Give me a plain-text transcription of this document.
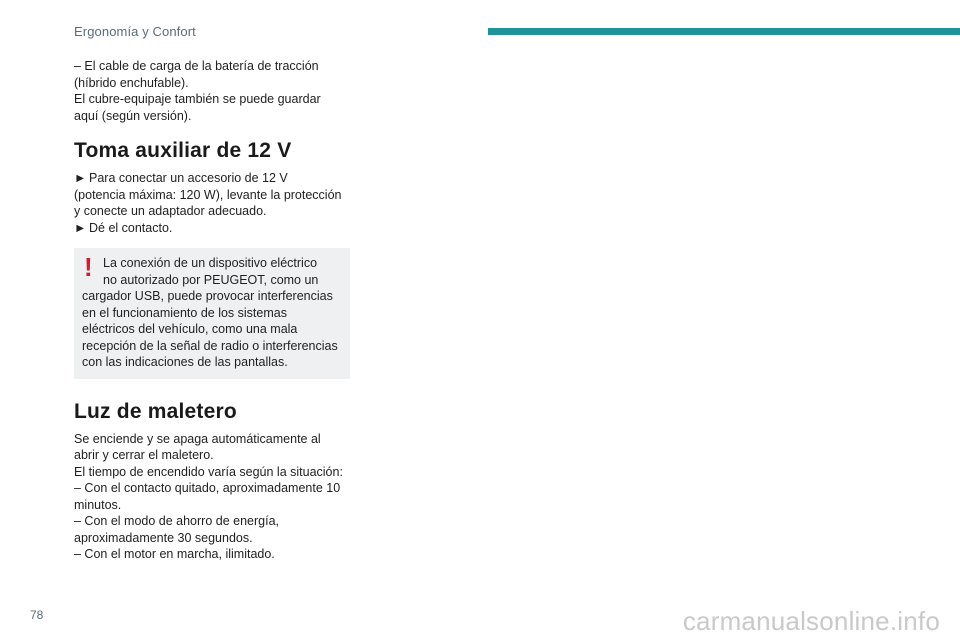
Ergonomía y Confort

– El cable de carga de la batería de tracción

(híbrido enchufable).

El cubre-equipaje también se puede guardar

aquí (según versión).

Toma auxiliar de 12 V

► Para conectar un accesorio de 12 V

(potencia máxima: 120 W), levante la protección

y conecte un adaptador adecuado.

► Dé el contacto.

! La conexión de un dispositivo eléctrico
no autorizado por PEUGEOT, como un
cargador USB, puede provocar interferencias
en el funcionamiento de los sistemas
eléctricos del vehículo, como una mala
recepción de la señal de radio o interferencias
con las indicaciones de las pantallas.
Luz de maletero

Se enciende y se apaga automáticamente al

abrir y cerrar el maletero.

El tiempo de encendido varía según la situación:

– Con el contacto quitado, aproximadamente 10

minutos.

– Con el modo de ahorro de energía,

aproximadamente 30 segundos.

– Con el motor en marcha, ilimitado.

78	carmanualsonline.info
